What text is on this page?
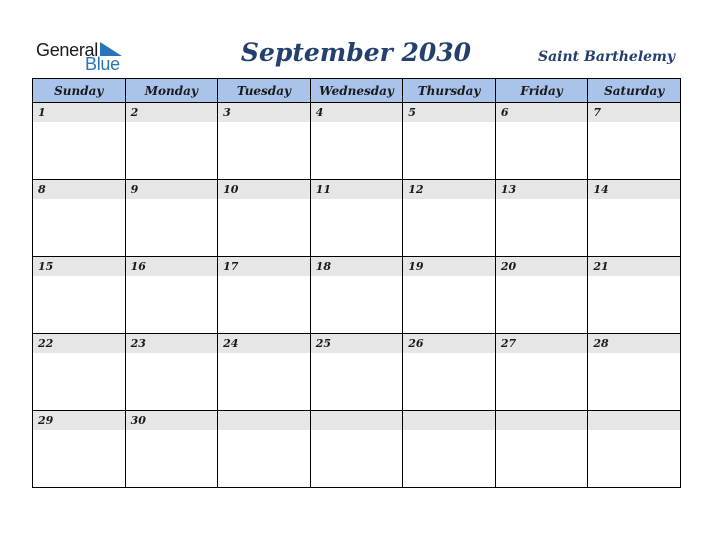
General
Blue	September 2030	Saint Barthelemy
Sunday	Monday	Tuesday	Wednesday	Thursday	Friday	Saturday

1	2	3	4	5	6	7

8	9	10	11	12	13	14

15	16	17	18	19	20	21

22	23	24	25	26	27	28

29	30					
